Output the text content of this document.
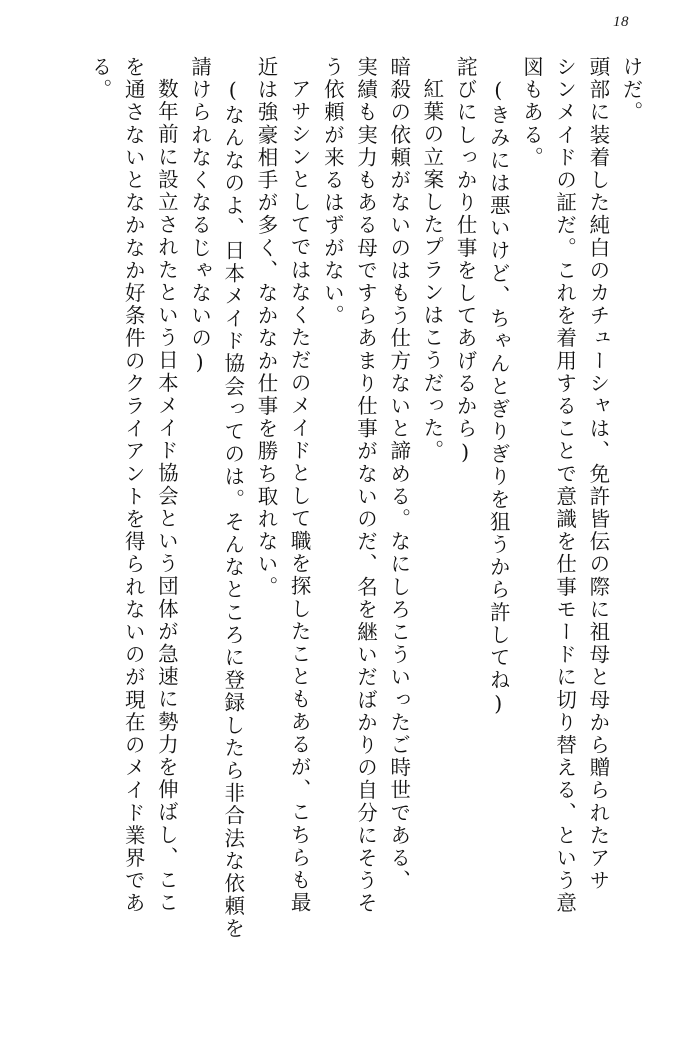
18
けだ。
頭部に装着した純白のカチューシャは、免許皆伝の際に祖母と母から贈られたアサ
シンメイドの証だ。これを着用することで意識を仕事モードに切り替える、という意
図もある。
(きみには悪いけど、ちゃんとぎりぎりを狙うから許してね)
詫びにしっかり仕事をしてあげるから)
紅葉の立案したプランはこうだった。
暗殺の依頼がないのはもう仕方ないと諦める。なにしろこういったご時世である、
実績も実力もある母ですらあまり仕事がないのだ、名を継いだばかりの自分にそうそ
う依頼が来るはずがない。
アサシンとしてではなくただのメイドとして職を探したこともあるが、こちらも最
近は強豪相手が多く、なかなか仕事を勝ち取れない。
(なんなのよ、日本メイド協会ってのは。そんなところに登録したら非合法な依頼を
請けられなくなるじゃないの)
数年前に設立されたという日本メイド協会という団体が急速に勢力を伸ばし、ここ
を通さないとなかなか好条件のクライアントを得られないのが現在のメイド業界であ
る。
